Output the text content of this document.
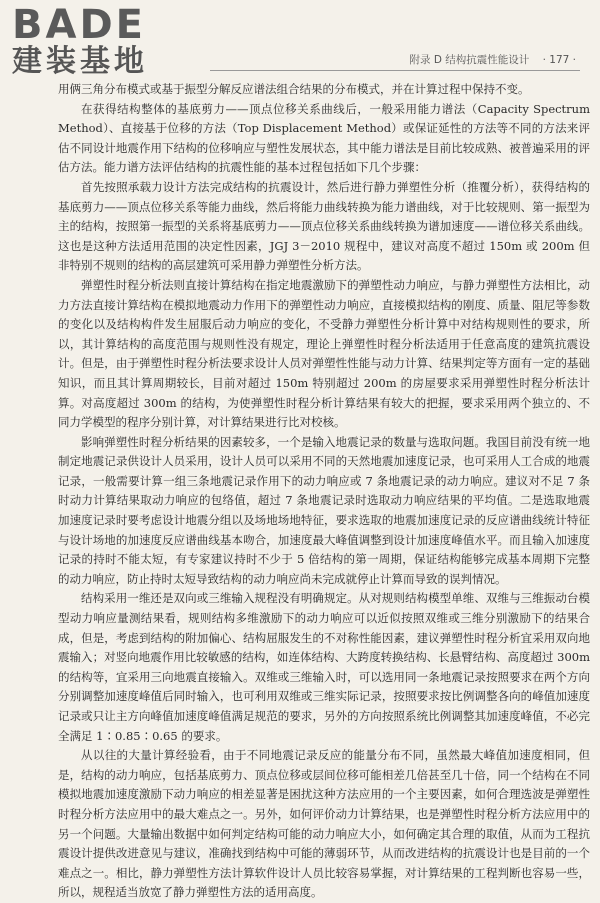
BADE
建装基地	附录 D 结构抗震性能设计 · 177 ·

用俩三角分布模式或基于振型分解反应谱法组合结果的分布模式，并在计算过程中保持不变。

在获得结构整体的基底剪力——顶点位移关系曲线后，一般采用能力谱法（Capacity Spectrum Method）、直接基于位移的方法（Top Displacement Method）或保证延性的方法等不同的方法来评估不同设计地震作用下结构的位移响应与塑性发展状态，其中能力谱法是目前比较成熟、被普遍采用的评估方法。能力谱方法评估结构的抗震性能的基本过程包括如下几个步骤：

首先按照承载力设计方法完成结构的抗震设计，然后进行静力弹塑性分析（推覆分析），获得结构的基底剪力——顶点位移关系等能力曲线，然后将能力曲线转换为能力谱曲线，对于比较规则、第一振型为主的结构，按照第一振型的关系将基底剪力——顶点位移关系曲线转换为谱加速度——谱位移关系曲线。这也是这种方法适用范围的决定性因素，JGJ 3－2010 规程中，建议对高度不超过 150m 或 200m 但非特别不规则的结构的高层建筑可采用静力弹塑性分析方法。

弹塑性时程分析法则直接计算结构在指定地震激励下的弹塑性动力响应，与静力弹塑性方法相比，动力方法直接计算结构在模拟地震动力作用下的弹塑性动力响应，直接模拟结构的刚度、质量、阻尼等参数的变化以及结构构件发生屈服后动力响应的变化，不受静力弹塑性分析计算中对结构规则性的要求，所以，其计算结构的高度范围与规则性没有规定，理论上弹塑性时程分析法适用于任意高度的建筑抗震设计。但是，由于弹塑性时程分析法要求设计人员对弹塑性性能与动力计算、结果判定等方面有一定的基础知识，而且其计算周期较长，目前对超过 150m 特别超过 200m 的房屋要求采用弹塑性时程分析法计算。对高度超过 300m 的结构，为使弹塑性时程分析计算结果有较大的把握，要求采用两个独立的、不同力学模型的程序分别计算，对计算结果进行比对校核。

影响弹塑性时程分析结果的因素较多，一个是输入地震记录的数量与选取问题。我国目前没有统一地制定地震记录供设计人员采用，设计人员可以采用不同的天然地震加速度记录，也可采用人工合成的地震记录，一般需要计算一组三条地震记录作用下的动力响应或 7 条地震记录的动力响应。建议对不足 7 条时动力计算结果取动力响应的包络值，超过 7 条地震记录时选取动力响应结果的平均值。二是选取地震加速度记录时要考虑设计地震分组以及场地场地特征，要求选取的地震加速度记录的反应谱曲线统计特征与设计场地的加速度反应谱曲线基本吻合，加速度最大峰值调整到设计加速度峰值水平。而且输入加速度记录的持时不能太短，有专家建议持时不少于 5 倍结构的第一周期，保证结构能够完成基本周期下完整的动力响应，防止持时太短导致结构的动力响应尚未完成就停止计算而导致的误判情况。

结构采用一维还是双向或三维输入规程没有明确规定。从对规则结构模型单维、双维与三维振动台模型动力响应量测结果看，规则结构多维激励下的动力响应可以近似按照双维或三维分别激励下的结果合成，但是，考虑到结构的附加偏心、结构屈服发生的不对称性能因素，建议弹塑性时程分析宜采用双向地震输入；对竖向地震作用比较敏感的结构，如连体结构、大跨度转换结构、长悬臂结构、高度超过 300m 的结构等，宜采用三向地震直接输入。双维或三维输入时，可以选用同一条地震记录按照要求在两个方向分别调整加速度峰值后同时输入，也可利用双维或三维实际记录，按照要求按比例调整各向的峰值加速度记录或只让主方向峰值加速度峰值满足规范的要求，另外的方向按照系统比例调整其加速度峰值，不必完全满足 1∶0.85∶0.65 的要求。

从以往的大量计算经验看，由于不同地震记录反应的能量分布不同，虽然最大峰值加速度相同，但是，结构的动力响应，包括基底剪力、顶点位移或层间位移可能相差几倍甚至几十倍，同一个结构在不同模拟地震加速度激励下动力响应的相差显著是困扰这种方法应用的一个主要因素，如何合理选波是弹塑性时程分析方法应用中的最大难点之一。另外，如何评价动力计算结果，也是弹塑性时程分析方法应用中的另一个问题。大量输出数据中如何判定结构可能的动力响应大小，如何确定其合理的取值，从而为工程抗震设计提供改进意见与建议，准确找到结构中可能的薄弱环节，从而改进结构的抗震设计也是目前的一个难点之一。相比，静力弹塑性方法计算软件设计人员比较容易掌握，对计算结果的工程判断也容易一些，所以，规程适当放宽了静力弹塑性方法的适用高度。
